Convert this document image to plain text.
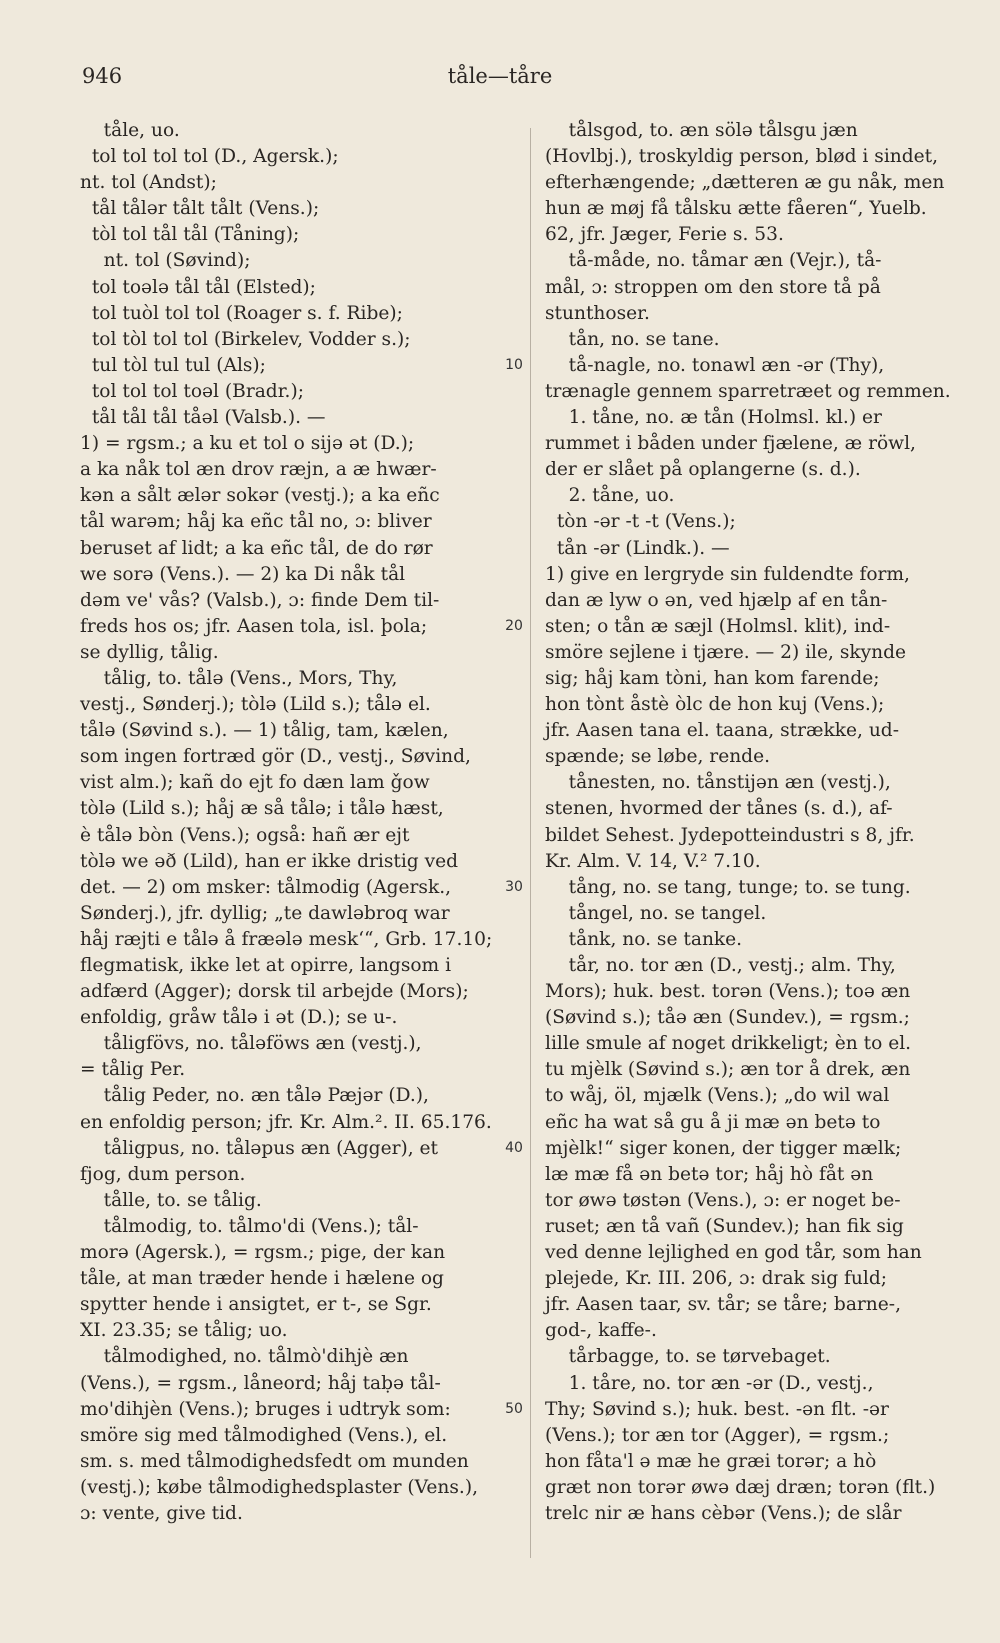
946	tåle—tåre
tåle, uo.
tol tol tol tol (D., Agersk.);
nt. tol (Andst);
tål tålər tålt tålt (Vens.);
tòl tol tål tål (Tåning);
nt. tol (Søvind);
tol toələ tål tål (Elsted);
tol tuòl tol tol (Roager s. f. Ribe);
tol tòl tol tol (Birkelev, Vodder s.);
tul tòl tul tul (Als);
tol tol tol toəl (Bradr.);
tål tål tål tåəl (Valsb.). —
1) = rgsm.; a ku et tol o sijə ət (D.);
a ka nåk tol æn drov ræjn, a æ hwær-
kən a sålt ælər sokər (vestj.); a ka eñc
tål warəm; håj ka eñc tål no, ɔ: bliver
beruset af lidt; a ka eñc tål, de do rør
we sorə (Vens.). — 2) ka Di nåk tål
dəm ve' vås? (Valsb.), ɔ: finde Dem til-
freds hos os; jfr. Aasen tola, isl. þola;
se dyllig, tålig.
tålig, to. tålə (Vens., Mors, Thy,
vestj., Sønderj.); tòlə (Lild s.); tålə el.
tålə (Søvind s.). — 1) tålig, tam, kælen,
som ingen fortræd gör (D., vestj., Søvind,
vist alm.); kañ do ejt fo dæn lam ǧow
tòlə (Lild s.); håj æ så tålə; i tålə hæst,
è tålə bòn (Vens.); også: hañ ær ejt
tòlə we əð (Lild), han er ikke dristig ved
det. — 2) om msker: tålmodig (Agersk.,
Sønderj.), jfr. dyllig; „te dawləbroq war
håj ræjti e tålə å fræələ meskʻ“, Grb. 17.10;
flegmatisk, ikke let at opirre, langsom i
adfærd (Agger); dorsk til arbejde (Mors);
enfoldig, gråw tålə i ət (D.); se u-.
tåligfövs, no. tåləföws æn (vestj.),
= tålig Per.
tålig Peder, no. æn tålə Pæjər (D.),
en enfoldig person; jfr. Kr. Alm.². II. 65.176.
tåligpus, no. tåləpus æn (Agger), et
fjog, dum person.
tålle, to. se tålig.
tålmodig, to. tålmo'di (Vens.); tål-
morə (Agersk.), = rgsm.; pige, der kan
tåle, at man træder hende i hælene og
spytter hende i ansigtet, er t-, se Sgr.
XI. 23.35; se tålig; uo.
tålmodighed, no. tålmò'dihjè æn
(Vens.), = rgsm., låneord; håj taḅə tål-
mo'dihjèn (Vens.); bruges i udtryk som:
smöre sig med tålmodighed (Vens.), el.
sm. s. med tålmodighedsfedt om munden
(vestj.); købe tålmodighedsplaster (Vens.),
ɔ: vente, give tid.
tålsgod, to. æn sölə tålsgu jæn
(Hovlbj.), troskyldig person, blød i sindet,
efterhængende; „dætteren æ gu nåk, men
hun æ møj få tålsku ætte fåeren“, Yuelb.
62, jfr. Jæger, Ferie s. 53.
tå-måde, no. tåmar æn (Vejr.), tå-
mål, ɔ: stroppen om den store tå på
stunthoser.
tån, no. se tane.
tå-nagle, no. tonawl æn -ər (Thy),
trænagle gennem sparretræet og remmen.
1. tåne, no. æ tån (Holmsl. kl.) er
rummet i båden under fjælene, æ röwl,
der er slået på oplangerne (s. d.).
2. tåne, uo.
tòn -ər -t -t (Vens.);
tån -ər (Lindk.). —
1) give en lergryde sin fuldendte form,
dan æ lyw o ən, ved hjælp af en tån-
sten; o tån æ sæjl (Holmsl. klit), ind-
smöre sejlene i tjære. — 2) ile, skynde
sig; håj kam tòni, han kom farende;
hon tònt åstè òlc de hon kuj (Vens.);
jfr. Aasen tana el. taana, strække, ud-
spænde; se løbe, rende.
tånesten, no. tånstijən æn (vestj.),
stenen, hvormed der tånes (s. d.), af-
bildet Sehest. Jydepotteindustri s 8, jfr.
Kr. Alm. V. 14, V.² 7.10.
tång, no. se tang, tunge; to. se tung.
tångel, no. se tangel.
tånk, no. se tanke.
tår, no. tor æn (D., vestj.; alm. Thy,
Mors); huk. best. torən (Vens.); toə æn
(Søvind s.); tåə æn (Sundev.), = rgsm.;
lille smule af noget drikkeligt; èn to el.
tu mjèlk (Søvind s.); æn tor å drek, æn
to wåj, öl, mjælk (Vens.); „do wil wal
eñc ha wat så gu å ji mæ ən betə to
mjèlk!“ siger konen, der tigger mælk;
læ mæ få ən betə tor; håj hò fåt ən
tor øwə tøstən (Vens.), ɔ: er noget be-
ruset; æn tå vañ (Sundev.); han fik sig
ved denne lejlighed en god tår, som han
plejede, Kr. III. 206, ɔ: drak sig fuld;
jfr. Aasen taar, sv. tår; se tåre; barne-,
god-, kaffe-.
tårbagge, to. se tørvebaget.
1. tåre, no. tor æn -ər (D., vestj.,
Thy; Søvind s.); huk. best. -ən flt. -ər
(Vens.); tor æn tor (Agger), = rgsm.;
hon fåta'l ə mæ he græi torər; a hò
græt non torər øwə dæj dræn; torən (flt.)
trelc nir æ hans cèbər (Vens.); de slår
10
20
30
40
50
